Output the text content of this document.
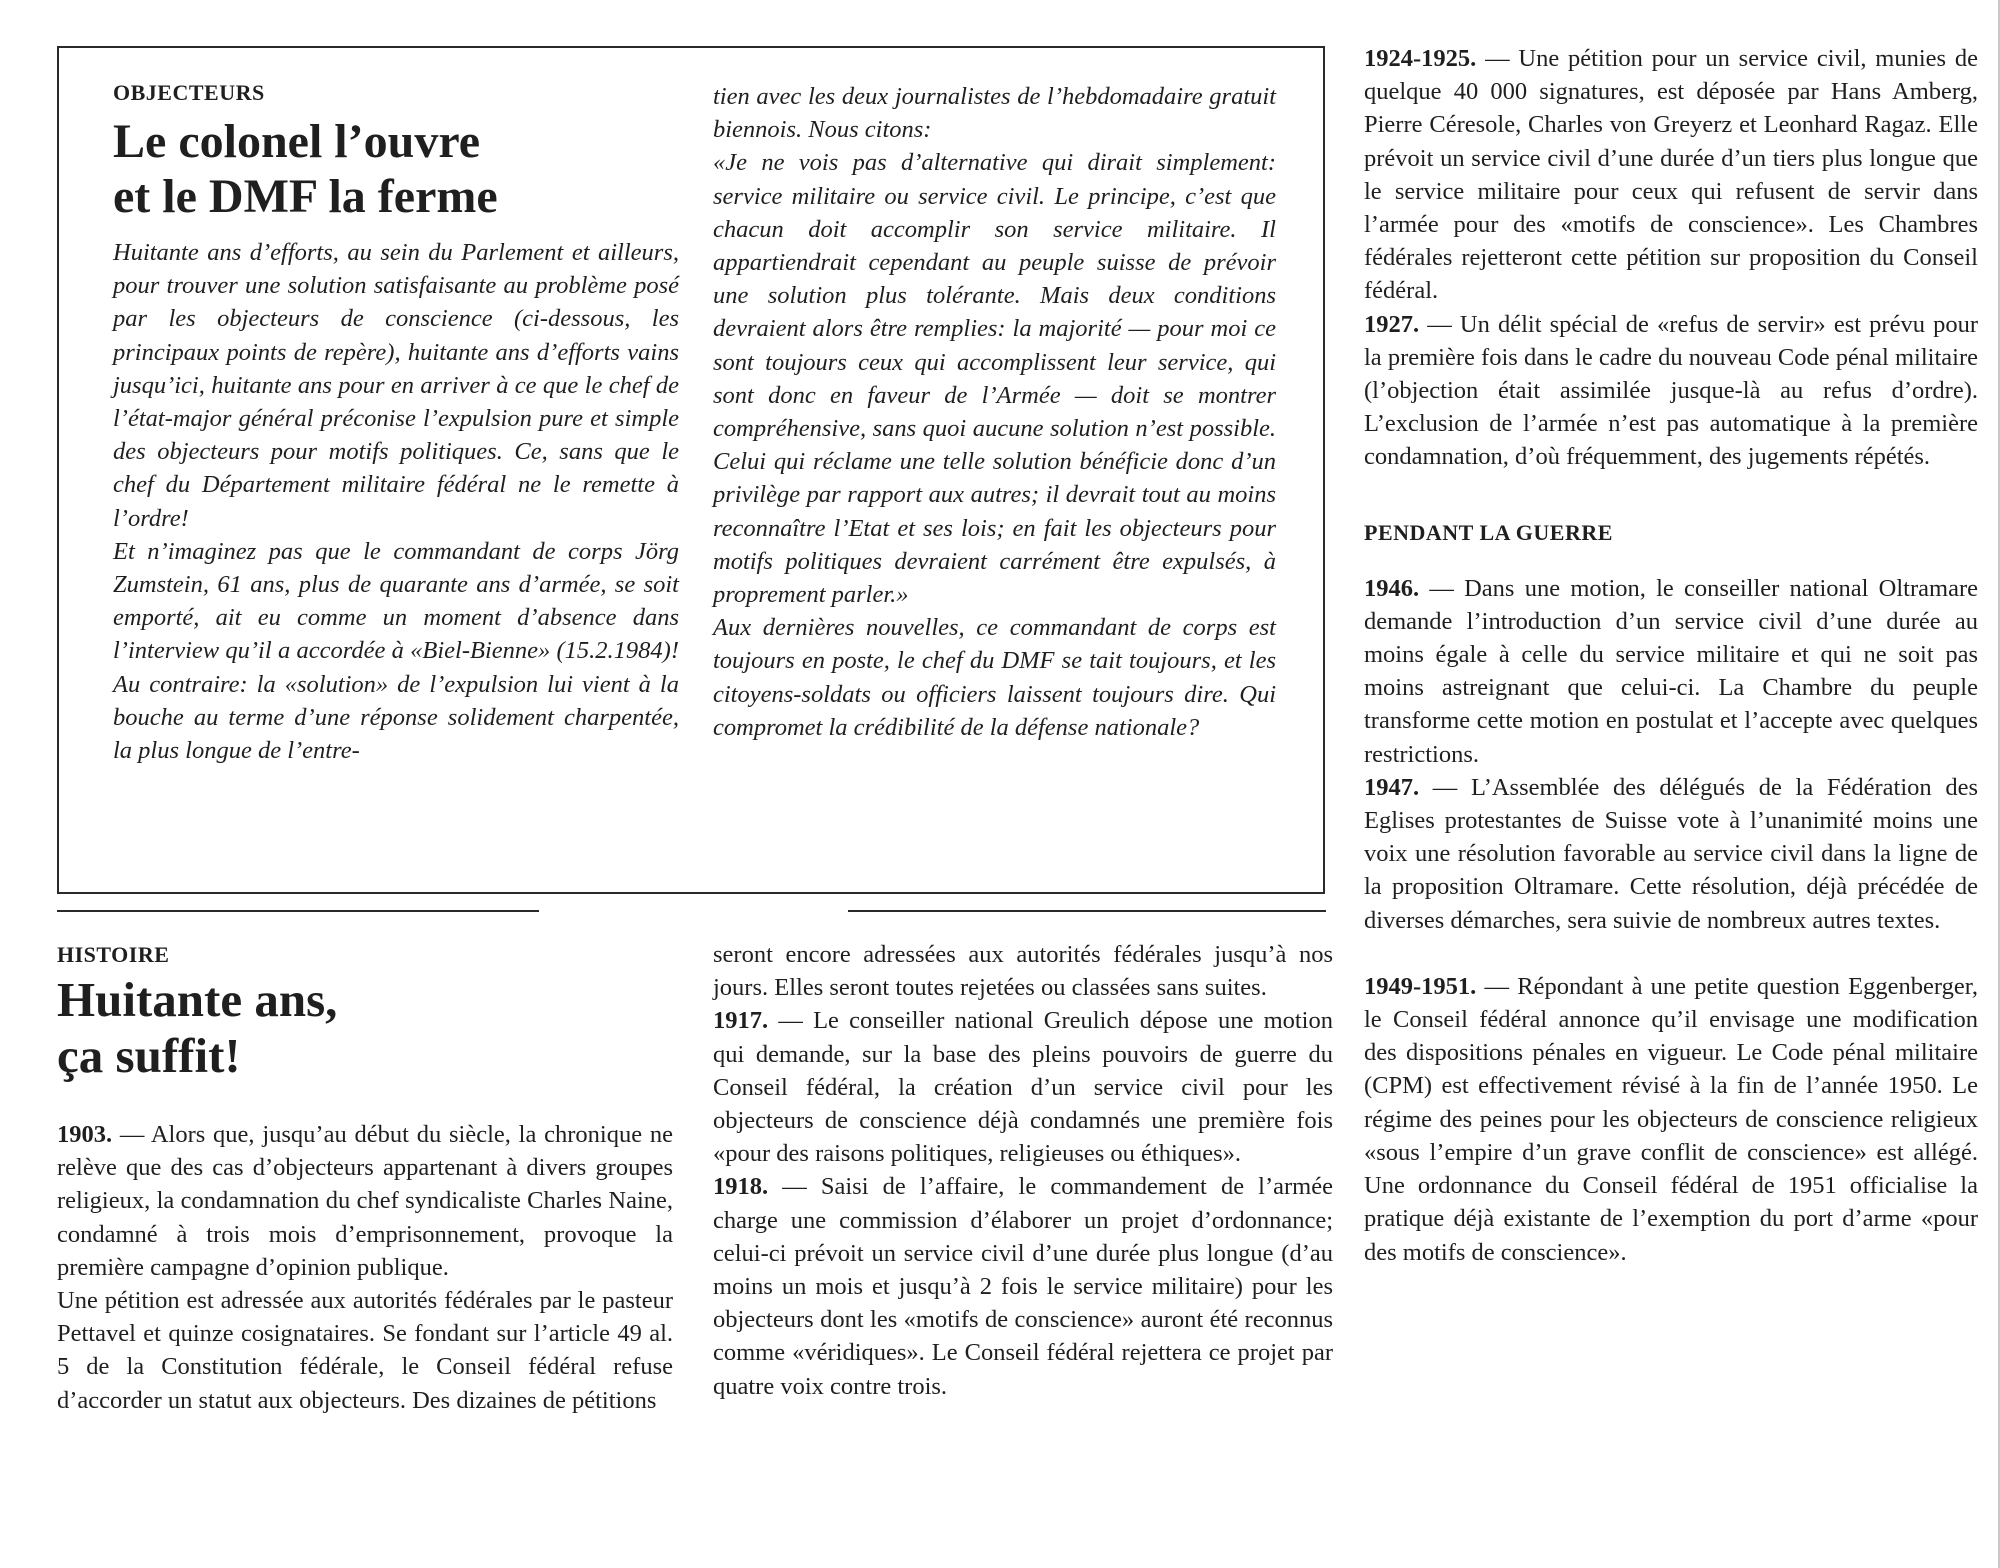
OBJECTEURS

Le colonel l’ouvre
et le DMF la ferme

Huitante ans d’efforts, au sein du Parlement et ailleurs, pour trouver une solution satisfaisante au problème posé par les objecteurs de conscience (ci-dessous, les principaux points de repère), huitante ans d’efforts vains jusqu’ici, huitante ans pour en arriver à ce que le chef de l’état-major général préconise l’expulsion pure et simple des objecteurs pour motifs politiques. Ce, sans que le chef du Département militaire fédéral ne le remette à l’ordre!

Et n’imaginez pas que le commandant de corps Jörg Zumstein, 61 ans, plus de quarante ans d’armée, se soit emporté, ait eu comme un moment d’absence dans l’interview qu’il a accordée à «Biel-Bienne» (15.2.1984)! Au contraire: la «solution» de l’expulsion lui vient à la bouche au terme d’une réponse solidement charpentée, la plus longue de l’entre-

tien avec les deux journalistes de l’hebdomadaire gratuit biennois. Nous citons:

«Je ne vois pas d’alternative qui dirait simplement: service militaire ou service civil. Le principe, c’est que chacun doit accomplir son service militaire. Il appartiendrait cependant au peuple suisse de prévoir une solution plus tolérante. Mais deux conditions devraient alors être remplies: la majorité — pour moi ce sont toujours ceux qui accomplissent leur service, qui sont donc en faveur de l’Armée — doit se montrer compréhensive, sans quoi aucune solution n’est possible. Celui qui réclame une telle solution bénéficie donc d’un privilège par rapport aux autres; il devrait tout au moins reconnaître l’Etat et ses lois; en fait les objecteurs pour motifs politiques devraient carrément être expulsés, à proprement parler.»

Aux dernières nouvelles, ce commandant de corps est toujours en poste, le chef du DMF se tait toujours, et les citoyens-soldats ou officiers laissent toujours dire. Qui compromet la crédibilité de la défense nationale?

HISTOIRE

Huitante ans,
ça suffit!

1903. — Alors que, jusqu’au début du siècle, la chronique ne relève que des cas d’objecteurs appartenant à divers groupes religieux, la condamnation du chef syndicaliste Charles Naine, condamné à trois mois d’emprisonnement, provoque la première campagne d’opinion publique.

Une pétition est adressée aux autorités fédérales par le pasteur Pettavel et quinze cosignataires. Se fondant sur l’article 49 al. 5 de la Constitution fédérale, le Conseil fédéral refuse d’accorder un statut aux objecteurs. Des dizaines de pétitions

seront encore adressées aux autorités fédérales jusqu’à nos jours. Elles seront toutes rejetées ou classées sans suites.

1917. — Le conseiller national Greulich dépose une motion qui demande, sur la base des pleins pouvoirs de guerre du Conseil fédéral, la création d’un service civil pour les objecteurs de conscience déjà condamnés une première fois «pour des raisons politiques, religieuses ou éthiques».

1918. — Saisi de l’affaire, le commandement de l’armée charge une commission d’élaborer un projet d’ordonnance; celui-ci prévoit un service civil d’une durée plus longue (d’au moins un mois et jusqu’à 2 fois le service militaire) pour les objecteurs dont les «motifs de conscience» auront été reconnus comme «véridiques». Le Conseil fédéral rejettera ce projet par quatre voix contre trois.

1924-1925. — Une pétition pour un service civil, munies de quelque 40 000 signatures, est déposée par Hans Amberg, Pierre Céresole, Charles von Greyerz et Leonhard Ragaz. Elle prévoit un service civil d’une durée d’un tiers plus longue que le service militaire pour ceux qui refusent de servir dans l’armée pour des «motifs de conscience». Les Chambres fédérales rejetteront cette pétition sur proposition du Conseil fédéral.

1927. — Un délit spécial de «refus de servir» est prévu pour la première fois dans le cadre du nouveau Code pénal militaire (l’objection était assimilée jusque-là au refus d’ordre). L’exclusion de l’armée n’est pas automatique à la première condamnation, d’où fréquemment, des jugements répétés.

PENDANT LA GUERRE

1946. — Dans une motion, le conseiller national Oltramare demande l’introduction d’un service civil d’une durée au moins égale à celle du service militaire et qui ne soit pas moins astreignant que celui-ci. La Chambre du peuple transforme cette motion en postulat et l’accepte avec quelques restrictions.

1947. — L’Assemblée des délégués de la Fédération des Eglises protestantes de Suisse vote à l’unanimité moins une voix une résolution favorable au service civil dans la ligne de la proposition Oltramare. Cette résolution, déjà précédée de diverses démarches, sera suivie de nombreux autres textes.

1949-1951. — Répondant à une petite question Eggenberger, le Conseil fédéral annonce qu’il envisage une modification des dispositions pénales en vigueur. Le Code pénal militaire (CPM) est effectivement révisé à la fin de l’année 1950. Le régime des peines pour les objecteurs de conscience religieux «sous l’empire d’un grave conflit de conscience» est allégé. Une ordonnance du Conseil fédéral de 1951 officialise la pratique déjà existante de l’exemption du port d’arme «pour des motifs de conscience».
